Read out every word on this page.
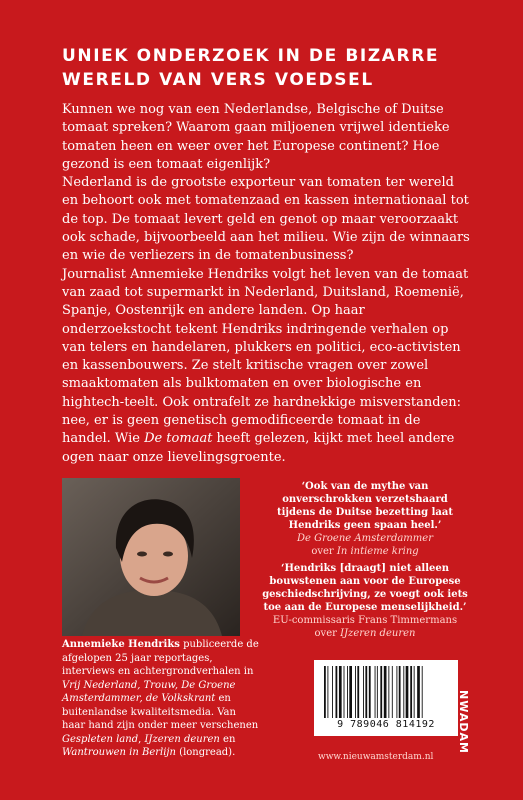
UNIEK ONDERZOEK IN DE BIZARRE
WERELD VAN VERS VOEDSEL

Kunnen we nog van een Nederlandse, Belgische of Duitse tomaat spreken? Waarom gaan miljoenen vrijwel identieke tomaten heen en weer over het Europese continent? Hoe gezond is een tomaat eigenlijk?

Nederland is de grootste exporteur van tomaten ter wereld en behoort ook met tomatenzaad en kassen internationaal tot de top. De tomaat levert geld en genot op maar veroorzaakt ook schade, bijvoorbeeld aan het milieu. Wie zijn de winnaars en wie de verliezers in de tomatenbusiness?

Journalist Annemieke Hendriks volgt het leven van de tomaat van zaad tot supermarkt in Nederland, Duitsland, Roemenië, Spanje, Oostenrijk en andere landen. Op haar onderzoekstocht tekent Hendriks indringende verhalen op van telers en handelaren, plukkers en politici, eco-activisten en kassenbouwers. Ze stelt kritische vragen over zowel smaaktomaten als bulktomaten en over biologische en hightech-teelt. Ook ontrafelt ze hardnekkige misverstanden: nee, er is geen genetisch gemodificeerde tomaat in de handel. Wie De tomaat heeft gelezen, kijkt met heel andere ogen naar onze lievelingsgroente.

Annemieke Hendriks publiceerde de afgelopen 25 jaar reportages, interviews en achtergrondverhalen in Vrij Nederland, Trouw, De Groene Amsterdammer, de Volkskrant en buitenlandse kwaliteitsmedia. Van haar hand zijn onder meer verschenen Gespleten land, IJzeren deuren en Wantrouwen in Berlijn (longread).
‘Ook van de mythe van onverschrokken verzetshaard tijdens de Duitse bezetting laat Hendriks geen spaan heel.’
De Groene Amsterdammer
over In intieme kring
‘Hendriks [draagt] niet alleen bouwstenen aan voor de Europese geschiedschrijving, ze voegt ook iets toe aan de Europese menselijkheid.’
EU-commissaris Frans Timmermans
over IJzeren deuren
9 789046 814192
www.nieuwamsterdam.nl
NWADAM
